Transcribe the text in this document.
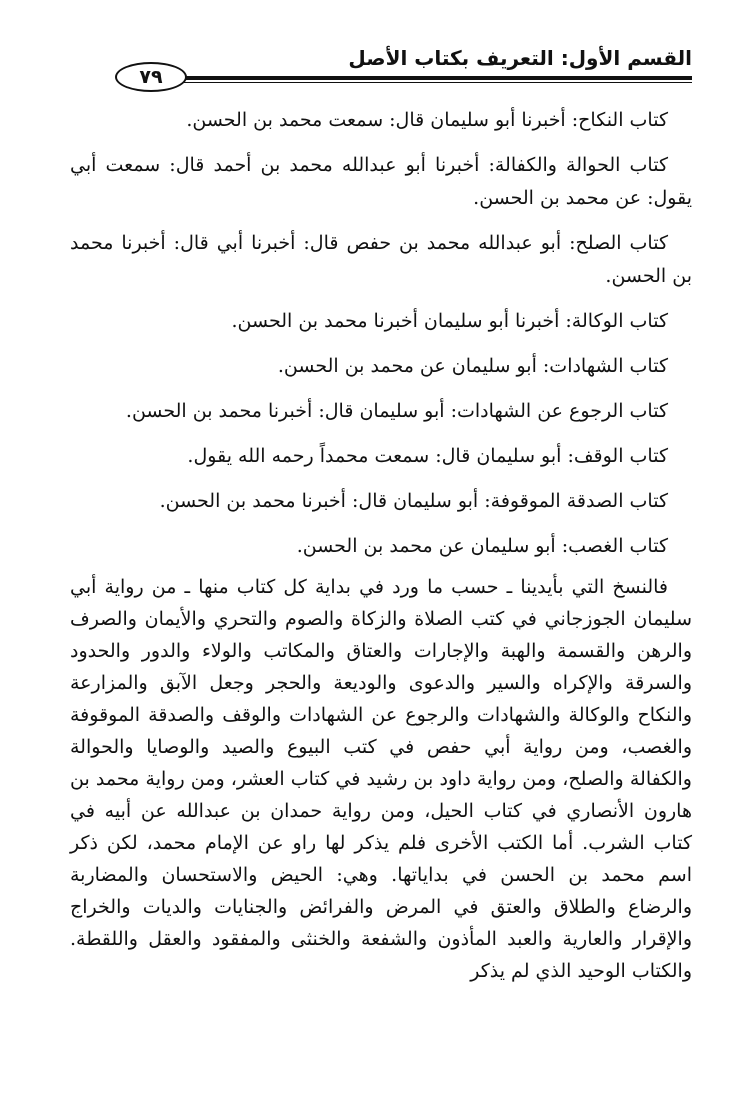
القسم الأول: التعريف بكتاب الأصل
٧٩

كتاب النكاح: أخبرنا أبو سليمان قال: سمعت محمد بن الحسن.

كتاب الحوالة والكفالة: أخبرنا أبو عبدالله محمد بن أحمد قال: سمعت أبي يقول: عن محمد بن الحسن.

كتاب الصلح: أبو عبدالله محمد بن حفص قال: أخبرنا أبي قال: أخبرنا محمد بن الحسن.

كتاب الوكالة: أخبرنا أبو سليمان أخبرنا محمد بن الحسن.

كتاب الشهادات: أبو سليمان عن محمد بن الحسن.

كتاب الرجوع عن الشهادات: أبو سليمان قال: أخبرنا محمد بن الحسن.

كتاب الوقف: أبو سليمان قال: سمعت محمداً رحمه الله يقول.

كتاب الصدقة الموقوفة: أبو سليمان قال: أخبرنا محمد بن الحسن.

كتاب الغصب: أبو سليمان عن محمد بن الحسن.

فالنسخ التي بأيدينا ـ حسب ما ورد في بداية كل كتاب منها ـ من رواية أبي سليمان الجوزجاني في كتب الصلاة والزكاة والصوم والتحري والأيمان والصرف والرهن والقسمة والهبة والإجارات والعتاق والمكاتب والولاء والدور والحدود والسرقة والإكراه والسير والدعوى والوديعة والحجر وجعل الآبق والمزارعة والنكاح والوكالة والشهادات والرجوع عن الشهادات والوقف والصدقة الموقوفة والغصب، ومن رواية أبي حفص في كتب البيوع والصيد والوصايا والحوالة والكفالة والصلح، ومن رواية داود بن رشيد في كتاب العشر، ومن رواية محمد بن هارون الأنصاري في كتاب الحيل، ومن رواية حمدان بن عبدالله عن أبيه في كتاب الشرب. أما الكتب الأخرى فلم يذكر لها راو عن الإمام محمد، لكن ذكر اسم محمد بن الحسن في بداياتها. وهي: الحيض والاستحسان والمضاربة والرضاع والطلاق والعتق في المرض والفرائض والجنايات والديات والخراج والإقرار والعارية والعبد المأذون والشفعة والخنثى والمفقود والعقل واللقطة. والكتاب الوحيد الذي لم يذكر
